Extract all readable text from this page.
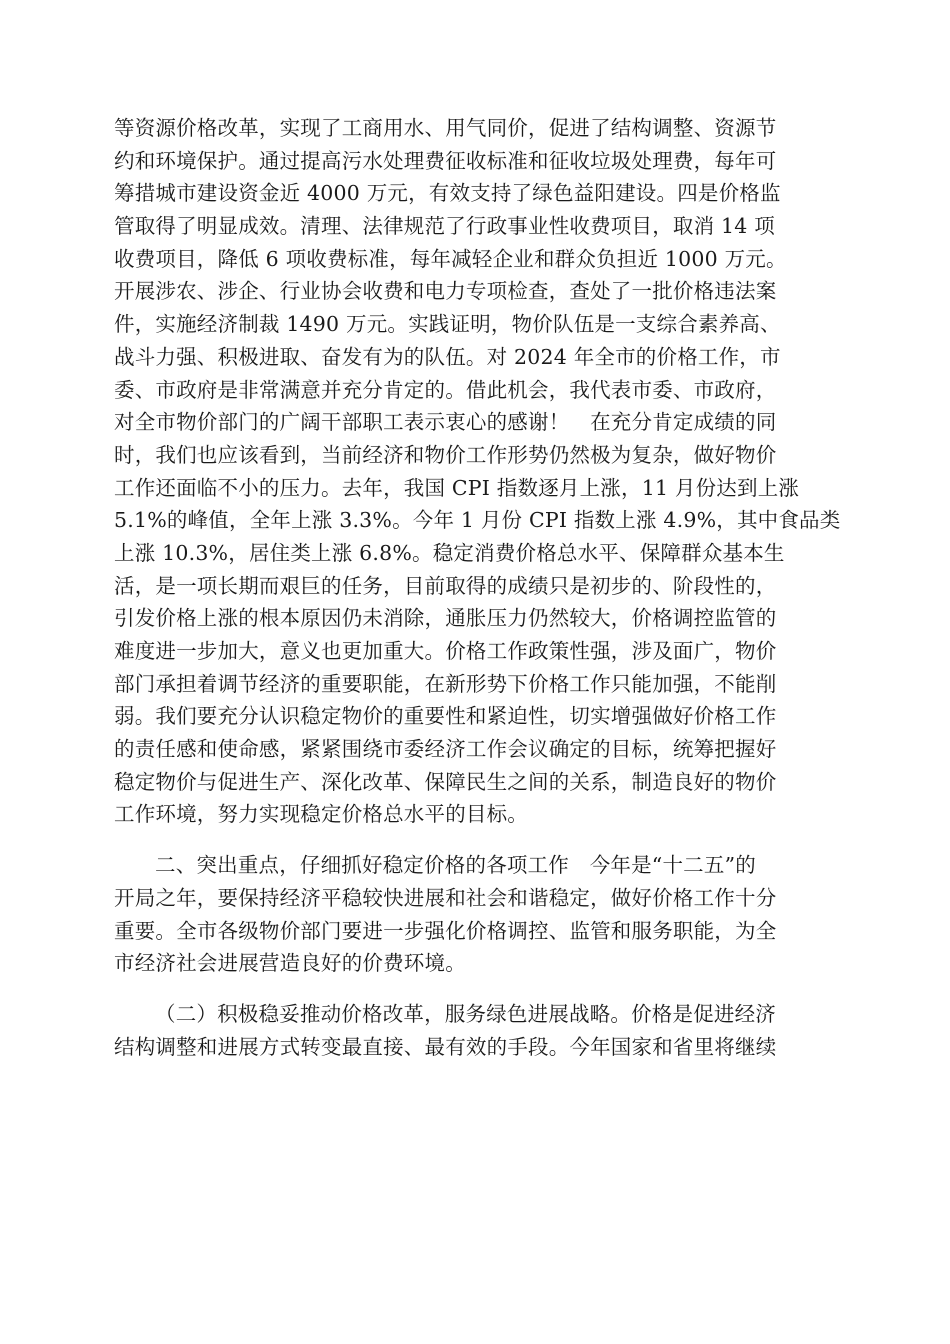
等资源价格改革，实现了工商用水、用气同价，促进了结构调整、资源节
约和环境保护。通过提高污水处理费征收标准和征收垃圾处理费，每年可
筹措城市建设资金近 4000 万元，有效支持了绿色益阳建设。四是价格监
管取得了明显成效。清理、法律规范了行政事业性收费项目，取消 14 项
收费项目，降低 6 项收费标准，每年减轻企业和群众负担近 1000 万元。
开展涉农、涉企、行业协会收费和电力专项检查，查处了一批价格违法案
件，实施经济制裁 1490 万元。实践证明，物价队伍是一支综合素养高、
战斗力强、积极进取、奋发有为的队伍。对 2024 年全市的价格工作，市
委、市政府是非常满意并充分肯定的。借此机会，我代表市委、市政府，
对全市物价部门的广阔干部职工表示衷心的感谢！　在充分肯定成绩的同
时，我们也应该看到，当前经济和物价工作形势仍然极为复杂，做好物价
工作还面临不小的压力。去年，我国 CPI 指数逐月上涨，11 月份达到上涨
5.1%的峰值，全年上涨 3.3%。今年 1 月份 CPI 指数上涨 4.9%，其中食品类
上涨 10.3%，居住类上涨 6.8%。稳定消费价格总水平、保障群众基本生
活，是一项长期而艰巨的任务，目前取得的成绩只是初步的、阶段性的，
引发价格上涨的根本原因仍未消除，通胀压力仍然较大，价格调控监管的
难度进一步加大，意义也更加重大。价格工作政策性强，涉及面广，物价
部门承担着调节经济的重要职能，在新形势下价格工作只能加强，不能削
弱。我们要充分认识稳定物价的重要性和紧迫性，切实增强做好价格工作
的责任感和使命感，紧紧围绕市委经济工作会议确定的目标，统筹把握好
稳定物价与促进生产、深化改革、保障民生之间的关系，制造良好的物价
工作环境，努力实现稳定价格总水平的目标。
二、突出重点，仔细抓好稳定价格的各项工作　今年是“十二五”的
开局之年，要保持经济平稳较快进展和社会和谐稳定，做好价格工作十分
重要。全市各级物价部门要进一步强化价格调控、监管和服务职能，为全
市经济社会进展营造良好的价费环境。
（二）积极稳妥推动价格改革，服务绿色进展战略。价格是促进经济
结构调整和进展方式转变最直接、最有效的手段。今年国家和省里将继续
